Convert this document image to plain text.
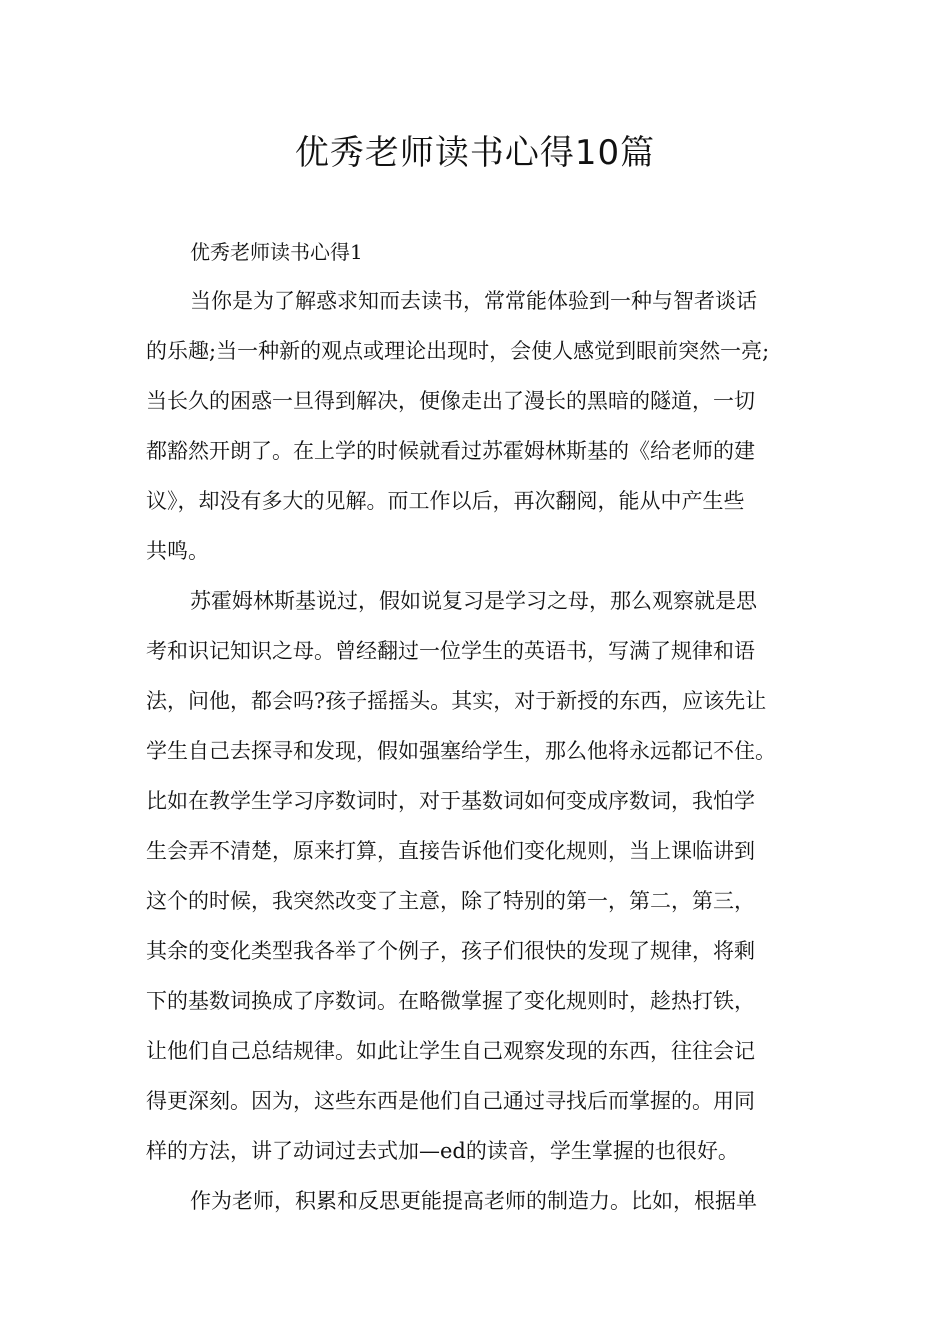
优秀老师读书心得10篇
优秀老师读书心得1
当你是为了解惑求知而去读书，常常能体验到一种与智者谈话
的乐趣;当一种新的观点或理论出现时，会使人感觉到眼前突然一亮;
当长久的困惑一旦得到解决，便像走出了漫长的黑暗的隧道，一切
都豁然开朗了。在上学的时候就看过苏霍姆林斯基的《给老师的建
议》，却没有多大的见解。而工作以后，再次翻阅，能从中产生些
共鸣。
苏霍姆林斯基说过，假如说复习是学习之母，那么观察就是思
考和识记知识之母。曾经翻过一位学生的英语书，写满了规律和语
法，问他，都会吗?孩子摇摇头。其实，对于新授的东西，应该先让
学生自己去探寻和发现，假如强塞给学生，那么他将永远都记不住。
比如在教学生学习序数词时，对于基数词如何变成序数词，我怕学
生会弄不清楚，原来打算，直接告诉他们变化规则，当上课临讲到
这个的时候，我突然改变了主意，除了特别的第一，第二，第三，
其余的变化类型我各举了个例子，孩子们很快的发现了规律，将剩
下的基数词换成了序数词。在略微掌握了变化规则时，趁热打铁，
让他们自己总结规律。如此让学生自己观察发现的东西，往往会记
得更深刻。因为，这些东西是他们自己通过寻找后而掌握的。用同
样的方法，讲了动词过去式加—ed的读音，学生掌握的也很好。
作为老师，积累和反思更能提高老师的制造力。比如，根据单
